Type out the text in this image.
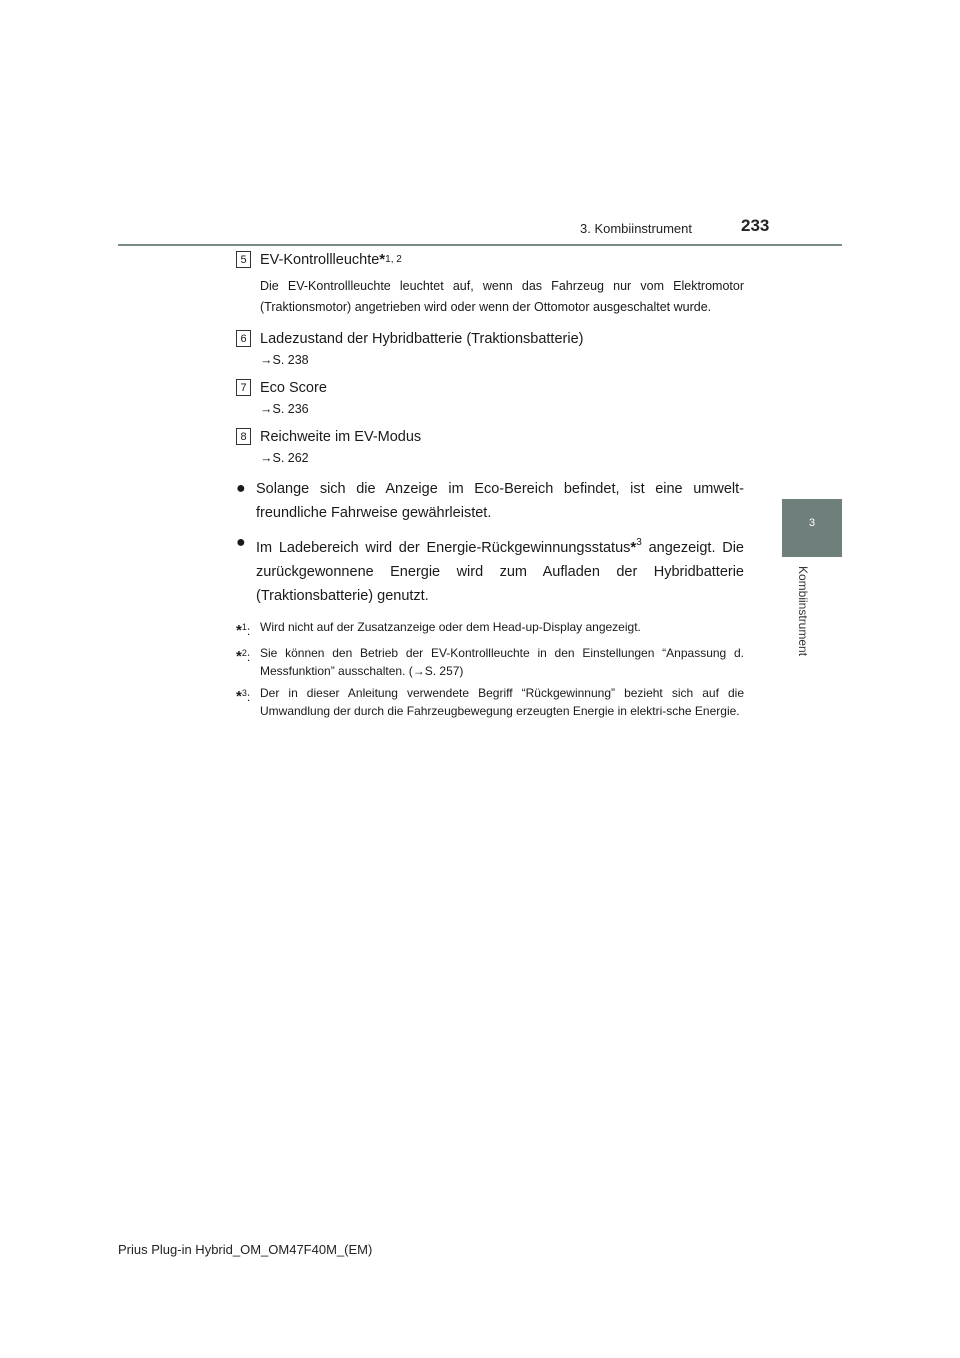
3. Kombiinstrument	233
3
Kombiinstrument
5 EV-Kontrollleuchte * 1, 2
Die EV-Kontrollleuchte leuchtet auf, wenn das Fahrzeug nur vom Elektromotor (Traktionsmotor) angetrieben wird oder wenn der Ottomotor ausgeschaltet wurde.
6 Ladezustand der Hybridbatterie (Traktionsbatterie)
→S. 238
7 Eco Score
→S. 236
8 Reichweite im EV-Modus
→S. 262
● Solange sich die Anzeige im Eco-Bereich befindet, ist eine umwelt-freundliche Fahrweise gewährleistet.
● Im Ladebereich wird der Energie-Rückgewinnungsstatus*$^3$ angezeigt. Die zurückgewonnene Energie wird zum Aufladen der Hybridbatterie (Traktionsbatterie) genutzt.
*$^1$: Wird nicht auf der Zusatzanzeige oder dem Head-up-Display angezeigt.
*$^2$: Sie können den Betrieb der EV-Kontrollleuchte in den Einstellungen “Anpassung d. Messfunktion” ausschalten. (→S. 257)
*$^3$: Der in dieser Anleitung verwendete Begriff “Rückgewinnung” bezieht sich auf die Umwandlung der durch die Fahrzeugbewegung erzeugten Energie in elektri-sche Energie.
Prius Plug-in Hybrid_OM_OM47F40M_(EM)
